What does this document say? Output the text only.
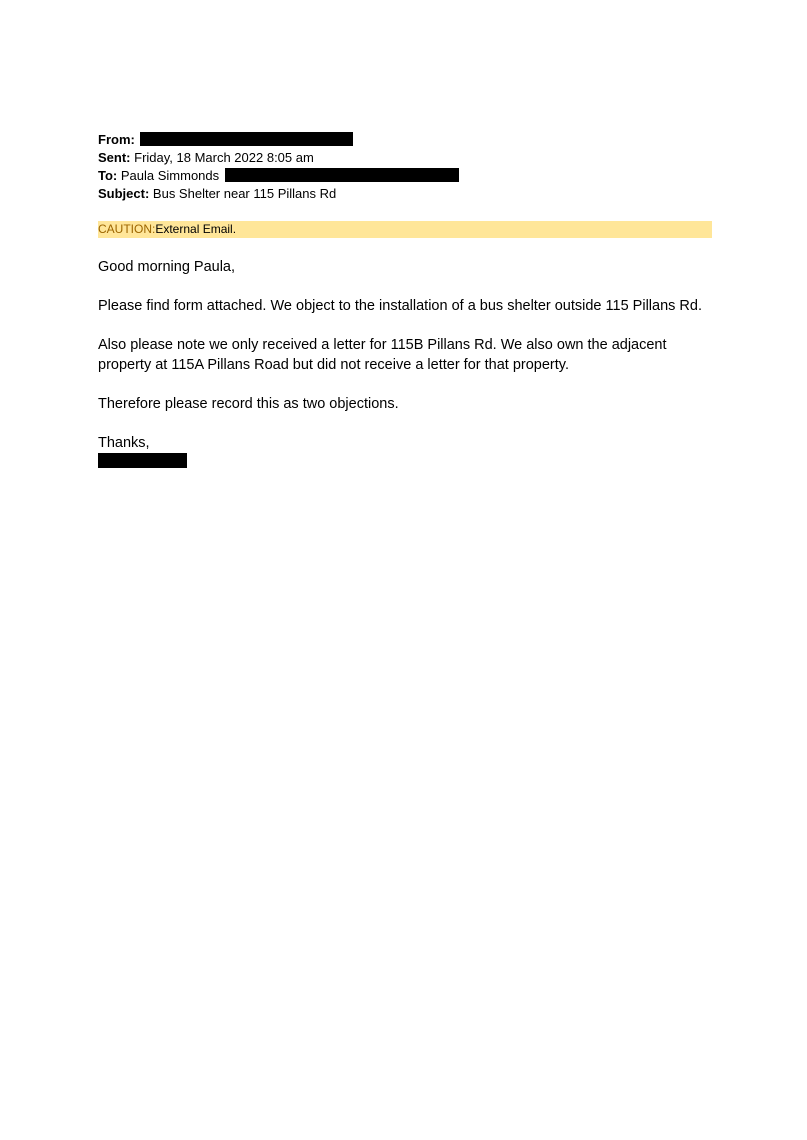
From:
Sent: Friday, 18 March 2022 8:05 am
To: Paula Simmonds
Subject: Bus Shelter near 115 Pillans Rd
CAUTION:External Email.

Good morning Paula,

Please find form attached. We object to the installation of a bus shelter outside 115 Pillans Rd.

Also please note we only received a letter for 115B Pillans Rd. We also own the adjacent property at 115A Pillans Road but did not receive a letter for that property.

Therefore please record this as two objections.

Thanks,
